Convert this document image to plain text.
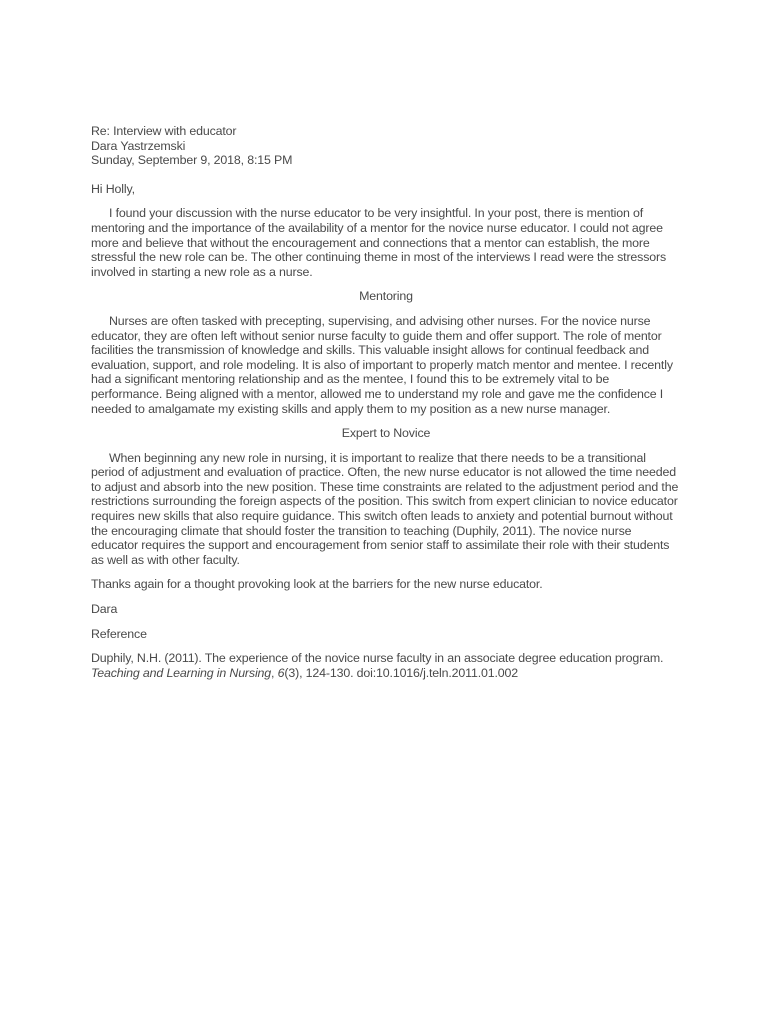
Re: Interview with educator
Dara Yastrzemski
Sunday, September 9, 2018, 8:15 PM

Hi Holly,

I found your discussion with the nurse educator to be very insightful. In your post, there is mention of mentoring and the importance of the availability of a mentor for the novice nurse educator. I could not agree more and believe that without the encouragement and connections that a mentor can establish, the more stressful the new role can be. The other continuing theme in most of the interviews I read were the stressors involved in starting a new role as a nurse.

Mentoring

Nurses are often tasked with precepting, supervising, and advising other nurses. For the novice nurse educator, they are often left without senior nurse faculty to guide them and offer support. The role of mentor facilities the transmission of knowledge and skills. This valuable insight allows for continual feedback and evaluation, support, and role modeling. It is also of important to properly match mentor and mentee. I recently had a significant mentoring relationship and as the mentee, I found this to be extremely vital to be performance. Being aligned with a mentor, allowed me to understand my role and gave me the confidence I needed to amalgamate my existing skills and apply them to my position as a new nurse manager.

Expert to Novice

When beginning any new role in nursing, it is important to realize that there needs to be a transitional period of adjustment and evaluation of practice. Often, the new nurse educator is not allowed the time needed to adjust and absorb into the new position. These time constraints are related to the adjustment period and the restrictions surrounding the foreign aspects of the position. This switch from expert clinician to novice educator requires new skills that also require guidance. This switch often leads to anxiety and potential burnout without the encouraging climate that should foster the transition to teaching (Duphily, 2011). The novice nurse educator requires the support and encouragement from senior staff to assimilate their role with their students as well as with other faculty.

Thanks again for a thought provoking look at the barriers for the new nurse educator.

Dara

Reference

Duphily, N.H. (2011). The experience of the novice nurse faculty in an associate degree education program. Teaching and Learning in Nursing, 6(3), 124-130. doi:10.1016/j.teln.2011.01.002
